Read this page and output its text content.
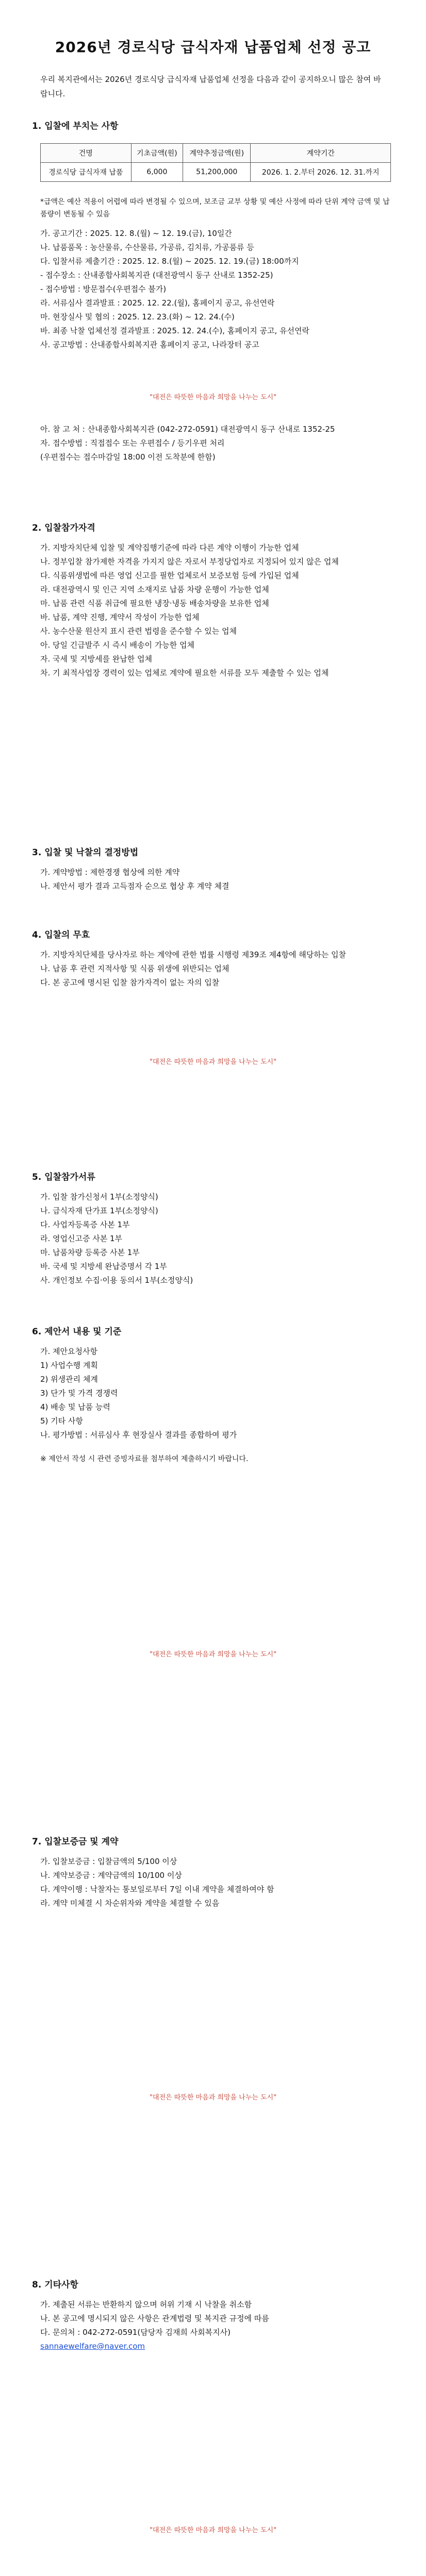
2026년 경로식당 급식자재 납품업체 선정 공고
우리 복지관에서는 2026년 경로식당 급식자재 납품업체 선정을 다음과 같이 공지하오니 많은 참여 바랍니다.
1. 입찰에 부치는 사항
건명	기초금액(원)	계약추정금액(원)	계약기간
경로식당 급식자재 납품	6,000	51,200,000	2026. 1. 2.부터 2026. 12. 31.까지
*급액은 예산 적용이 어렵에 따라 변경될 수 있으며, 보조금 교부 상황 및 예산 사정에 따라 단위 계약 금액 및 납품량이 변동될 수 있음
가. 공고기간 : 2025. 12. 8.(월) ~ 12. 19.(금), 10일간
나. 납품품목 : 농산물류, 수산물류, 가공류, 김치류, 가공품류 등
다. 입찰서류 제출기간 : 2025. 12. 8.(월) ~ 2025. 12. 19.(금) 18:00까지
- 접수장소 : 산내종합사회복지관 (대전광역시 동구 산내로 1352-25)
- 접수방법 : 방문접수(우편접수 불가)
라. 서류심사 결과발표 : 2025. 12. 22.(월), 홈페이지 공고, 유선연락
마. 현장실사 및 협의 : 2025. 12. 23.(화) ~ 12. 24.(수)
바. 최종 낙찰 업체선정 결과발표 : 2025. 12. 24.(수), 홈페이지 공고, 유선연락
사. 공고방법 : 산내종합사회복지관 홈페이지 공고, 나라장터 공고
"대전은 따뜻한 마음과 희망을 나누는 도시"
아. 참 고 처 : 산내종합사회복지관 (042-272-0591) 대전광역시 동구 산내로 1352-25
자. 접수방법 : 직접접수 또는 우편접수 / 등기우편 처리
(우편접수는 접수마감일 18:00 이전 도착분에 한함)
2. 입찰참가자격
가. 지방자치단체 입찰 및 계약집행기준에 따라 다른 계약 이행이 가능한 업체
나. 정부입찰 참가제한 자격을 가지지 않은 자로서 부정당업자로 지정되어 있지 않은 업체
다. 식품위생법에 따른 영업 신고를 필한 업체로서 보증보험 등에 가입된 업체
라. 대전광역시 및 인근 지역 소재지로 납품 차량 운행이 가능한 업체
마. 납품 관련 식품 취급에 필요한 냉장·냉동 배송차량을 보유한 업체
바. 납품, 계약 진행, 계약서 작성이 가능한 업체
사. 농수산물 원산지 표시 관련 법령을 준수할 수 있는 업체
아. 당일 긴급발주 시 즉시 배송이 가능한 업체
자. 국세 및 지방세를 완납한 업체
차. 기 최적사업장 경력이 있는 업체로 계약에 필요한 서류를 모두 제출할 수 있는 업체
3. 입찰 및 낙찰의 결정방법
가. 계약방법 : 제한경쟁 협상에 의한 계약
나. 제안서 평가 결과 고득점자 순으로 협상 후 계약 체결
4. 입찰의 무효
가. 지방자치단체를 당사자로 하는 계약에 관한 법률 시행령 제39조 제4항에 해당하는 입찰
나. 납품 후 관련 지적사항 및 식품 위생에 위반되는 업체
다. 본 공고에 명시된 입찰 참가자격이 없는 자의 입찰
"대전은 따뜻한 마음과 희망을 나누는 도시"
5. 입찰참가서류
가. 입찰 참가신청서 1부(소정양식)
나. 급식자재 단가표 1부(소정양식)
다. 사업자등록증 사본 1부
라. 영업신고증 사본 1부
마. 납품차량 등록증 사본 1부
바. 국세 및 지방세 완납증명서 각 1부
사. 개인정보 수집·이용 동의서 1부(소정양식)
6. 제안서 내용 및 기준
가. 제안요청사항
1) 사업수행 계획
2) 위생관리 체계
3) 단가 및 가격 경쟁력
4) 배송 및 납품 능력
5) 기타 사항
나. 평가방법 : 서류심사 후 현장실사 결과를 종합하여 평가
※ 제안서 작성 시 관련 증빙자료를 첨부하여 제출하시기 바랍니다.
"대전은 따뜻한 마음과 희망을 나누는 도시"
7. 입찰보증금 및 계약
가. 입찰보증금 : 입찰금액의 5/100 이상
나. 계약보증금 : 계약금액의 10/100 이상
다. 계약이행 : 낙찰자는 통보일로부터 7일 이내 계약을 체결하여야 함
라. 계약 미체결 시 차순위자와 계약을 체결할 수 있음
"대전은 따뜻한 마음과 희망을 나누는 도시"
8. 기타사항
가. 제출된 서류는 반환하지 않으며 허위 기재 시 낙찰을 취소함
나. 본 공고에 명시되지 않은 사항은 관계법령 및 복지관 규정에 따름
다. 문의처 : 042-272-0591(담당자 김재희 사회복지사)
sannaewelfare@naver.com
"대전은 따뜻한 마음과 희망을 나누는 도시"
